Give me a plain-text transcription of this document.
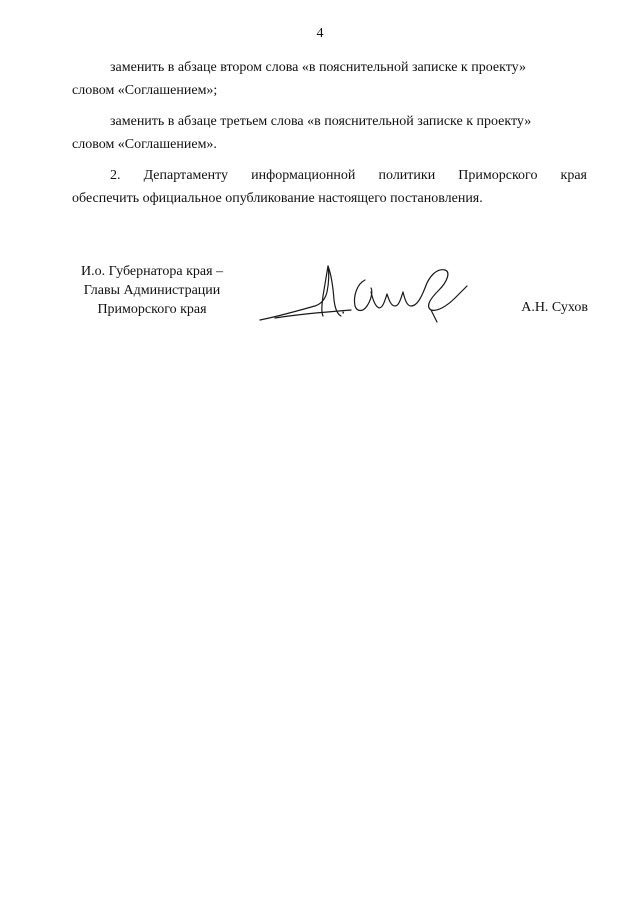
4

заменить в абзаце втором слова «в пояснительной записке к проекту»
словом «Соглашением»;

заменить в абзаце третьем слова «в пояснительной записке к проекту»
словом «Соглашением».

2. Департаменту информационной политики Приморского края
обеспечить официальное опубликование настоящего постановления.

И.о. Губернатора края –
Главы Администрации
Приморского края	А.Н. Сухов
